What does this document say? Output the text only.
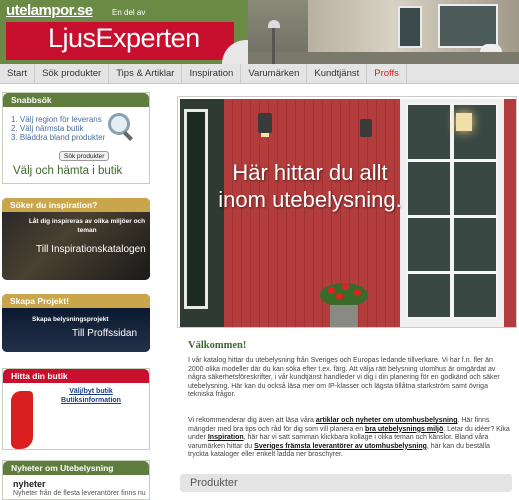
utelampor.se En del av
LjusExperten
Start	Sök produkter	Tips & Artiklar	Inspiration	Varumärken	Kundtjänst	Proffs
Snabbsök
1. Välj region för leverans
2. Välj närmsta butik
3. Bläddra bland produkter
Sök produkter
Välj och hämta i butik
Söker du inspiration?
Låt dig inspireras av olika miljöer och teman
Till Inspirationskatalogen
Skapa Projekt!
Skapa belysningsprojekt
Till Proffssidan
Hitta din butik
Välj/byt butik
Butiksinformation
Nyheter om Utebelysning
nyheter
Nyheter från de flesta leverantörer finns nu
Här hittar du allt inom utebelysning.
Välkommen!
I vår katalog hittar du utebelysning från Sveriges och Europas ledande tillverkare. Vi har f.n. fler än 2000 olika modeller där du kan söka efter t.ex. färg. Att välja rätt belysning utomhus är omgärdat av några säkerhetsföreskrifter, i vår kundtjänst handleder vi dig i din planering för en godkänd och säker utebelysning. Här kan du också läsa mer om IP-klasser och lägsta tillåtna starkström samt övriga tekniska frågor.
Vi rekommenderar dig även att läsa våra artiklar och nyheter om utomhusbelysning. Här finns mängder med bra tips och råd för dig som vill planera en bra utebelysnings miljö. Letar du idéer? Kika under Inspiration, här har vi satt samman klickbara kollage i olika teman och känslor. Bland våra varumärken hittar du Sveriges främsta leverantörer av utomhusbelysning, här kan du beställa tryckta kataloger eller enkelt ladda ner broschyrer.
Produkter
